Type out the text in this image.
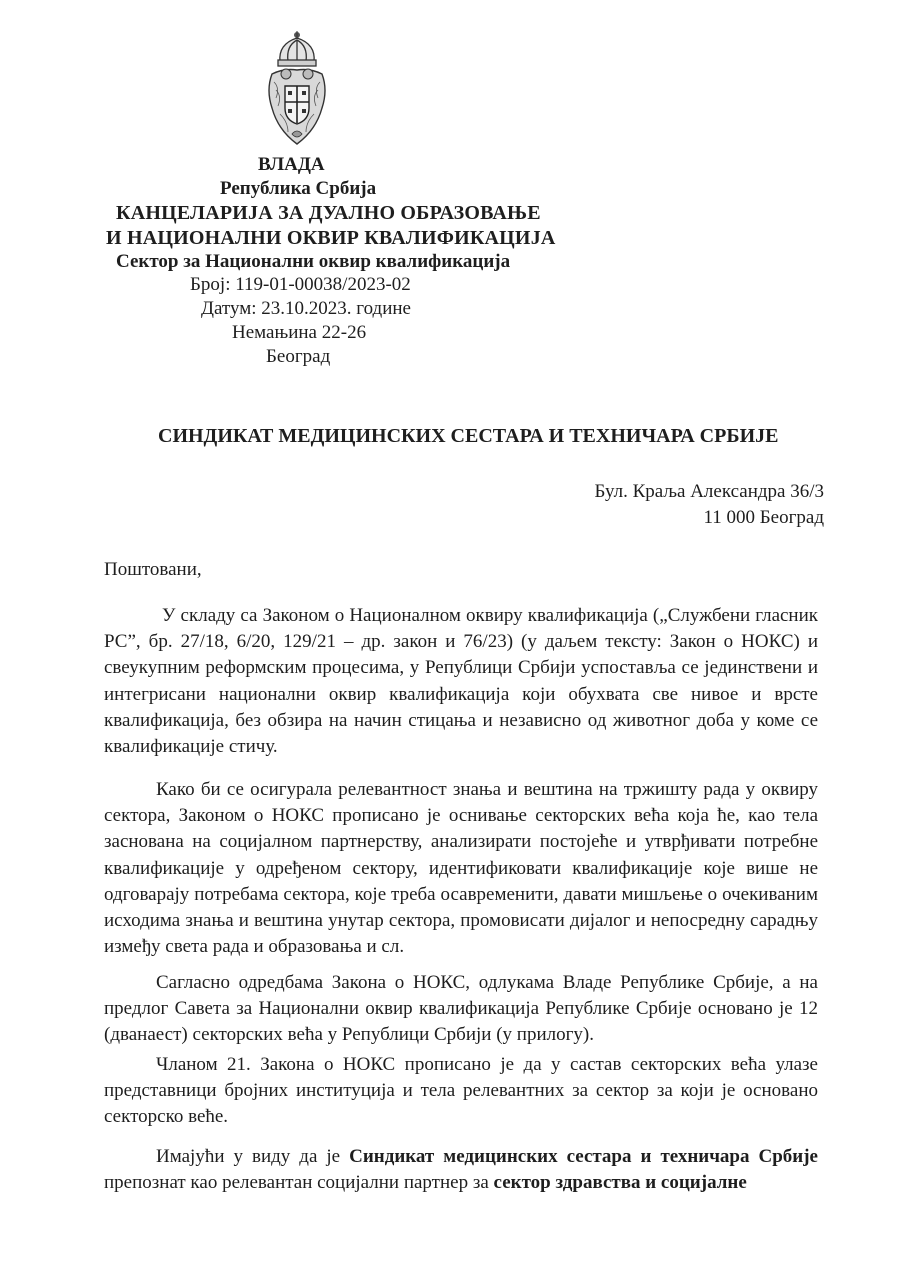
ВЛАДА
Република Србија
КАНЦЕЛАРИЈА ЗА ДУАЛНО ОБРАЗОВАЊЕ
И НАЦИОНАЛНИ ОКВИР КВАЛИФИКАЦИЈА
Сектор за Национални оквир квалификација
Број: 119-01-00038/2023-02
Датум: 23.10.2023. године
Немањина 22-26
Београд
СИНДИКАТ МЕДИЦИНСКИХ СЕСТАРА И ТЕХНИЧАРА СРБИЈЕ
Бул. Краља Александра 36/3
11 000 Београд
Поштовани,

У складу са Законом о Националном оквиру квалификација („Службени гласник РС”, бр. 27/18, 6/20, 129/21 – др. закон и 76/23) (у даљем тексту: Закон о НОКС) и свеукупним реформским процесима, у Републици Србији успоставља се јединствени и интегрисани национални оквир квалификација који обухвата све нивое и врсте квалификација, без обзира на начин стицања и независно од животног доба у коме се квалификације стичу.

Како би се осигурала релевантност знања и вештина на тржишту рада у оквиру сектора, Законом о НОКС прописано је оснивање секторских већа која ће, као тела заснована на социјалном партнерству, анализирати постојеће и утврђивати потребне квалификације у одређеном сектору, идентификовати квалификације које више не одговарају потребама сектора, које треба осавременити, давати мишљење о очекиваним исходима знања и вештина унутар сектора, промовисати дијалог и непосредну сарадњу између света рада и образовања и сл.

Сагласно одредбама Закона о НОКС, одлукама Владе Републике Србије, а на предлог Савета за Национални оквир квалификација Републике Србије основано је 12 (дванаест) секторских већа у Републици Србији (у прилогу).

Чланом 21. Закона о НОКС прописано је да у састав секторских већа улазе представници бројних институција и тела релевантних за сектор за који је основано секторско веће.

Имајући у виду да је Синдикат медицинских сестара и техничара Србије препознат као релевантан социјални партнер за сектор здравства и социјалне
